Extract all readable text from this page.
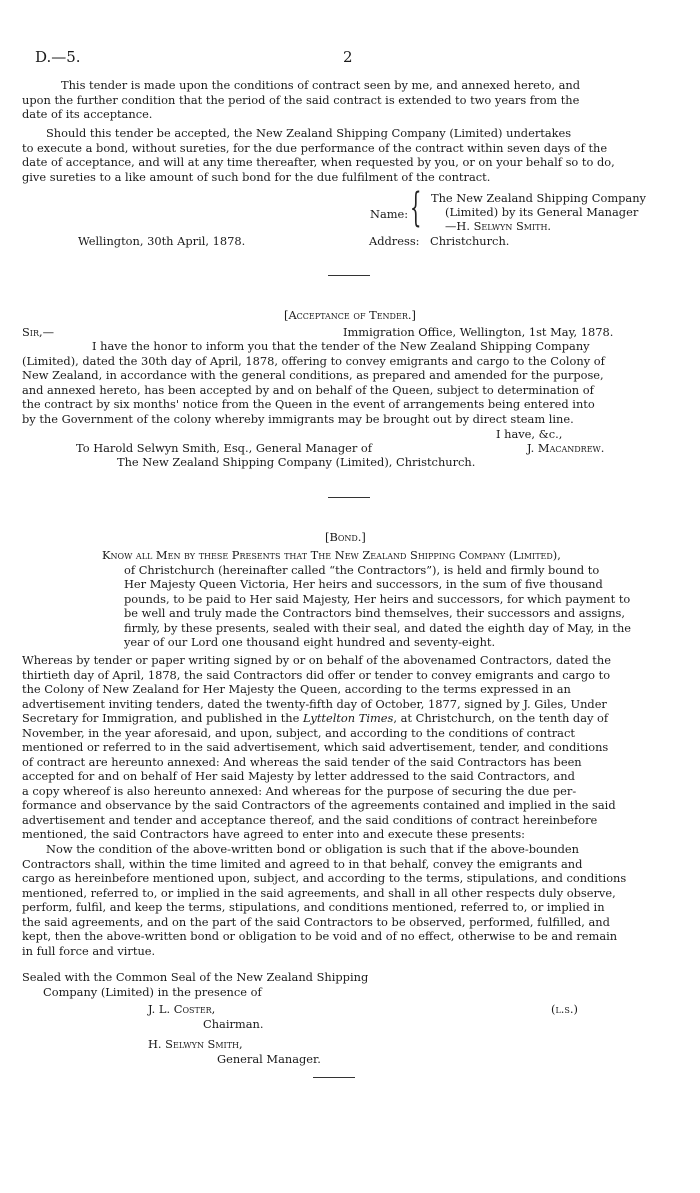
D.—5.	2
This tender is made upon the conditions of contract seen by me, and annexed hereto, and
upon the further condition that the period of the said contract is extended to two years from the
date of its acceptance.
Should this tender be accepted, the New Zealand Shipping Company (Limited) undertakes
to execute a bond, without sureties, for the due performance of the contract within seven days of the
date of acceptance, and will at any time thereafter, when requested by you, or on your behalf so to do,
give sureties to a like amount of such bond for the due fulfilment of the contract.
Name: { The New Zealand Shipping Company
(Limited) by its General Manager
—H. Selwyn Smith.
Wellington, 30th April, 1878.	Address: Christchurch.
[Acceptance of Tender.]
Sir,—	Immigration Office, Wellington, 1st May, 1878.
I have the honor to inform you that the tender of the New Zealand Shipping Company
(Limited), dated the 30th day of April, 1878, offering to convey emigrants and cargo to the Colony of
New Zealand, in accordance with the general conditions, as prepared and amended for the purpose,
and annexed hereto, has been accepted by and on behalf of the Queen, subject to determination of
the contract by six months' notice from the Queen in the event of arrangements being entered into
by the Government of the colony whereby immigrants may be brought out by direct steam line.
I have, &c.,
To Harold Selwyn Smith, Esq., General Manager of	J. Macandrew.
The New Zealand Shipping Company (Limited), Christchurch.
[Bond.]
Know all Men by these Presents that The New Zealand Shipping Company (Limited),
of Christchurch (hereinafter called “the Contractors”), is held and firmly bound to
Her Majesty Queen Victoria, Her heirs and successors, in the sum of five thousand
pounds, to be paid to Her said Majesty, Her heirs and successors, for which payment to
be well and truly made the Contractors bind themselves, their successors and assigns,
firmly, by these presents, sealed with their seal, and dated the eighth day of May, in the
year of our Lord one thousand eight hundred and seventy-eight.
Whereas by tender or paper writing signed by or on behalf of the abovenamed Contractors, dated the
thirtieth day of April, 1878, the said Contractors did offer or tender to convey emigrants and cargo to
the Colony of New Zealand for Her Majesty the Queen, according to the terms expressed in an
advertisement inviting tenders, dated the twenty-fifth day of October, 1877, signed by J. Giles, Under
Secretary for Immigration, and published in the Lyttelton Times, at Christchurch, on the tenth day of
November, in the year aforesaid, and upon, subject, and according to the conditions of contract
mentioned or referred to in the said advertisement, which said advertisement, tender, and conditions
of contract are hereunto annexed: And whereas the said tender of the said Contractors has been
accepted for and on behalf of Her said Majesty by letter addressed to the said Contractors, and
a copy whereof is also hereunto annexed: And whereas for the purpose of securing the due per-
formance and observance by the said Contractors of the agreements contained and implied in the said
advertisement and tender and acceptance thereof, and the said conditions of contract hereinbefore
mentioned, the said Contractors have agreed to enter into and execute these presents:
Now the condition of the above-written bond or obligation is such that if the above-bounden
Contractors shall, within the time limited and agreed to in that behalf, convey the emigrants and
cargo as hereinbefore mentioned upon, subject, and according to the terms, stipulations, and conditions
mentioned, referred to, or implied in the said agreements, and shall in all other respects duly observe,
perform, fulfil, and keep the terms, stipulations, and conditions mentioned, referred to, or implied in
the said agreements, and on the part of the said Contractors to be observed, performed, fulfilled, and
kept, then the above-written bond or obligation to be void and of no effect, otherwise to be and remain
in full force and virtue.
Sealed with the Common Seal of the New Zealand Shipping
Company (Limited) in the presence of
J. L. Coster,	(l.s.)
Chairman.
H. Selwyn Smith,
General Manager.
